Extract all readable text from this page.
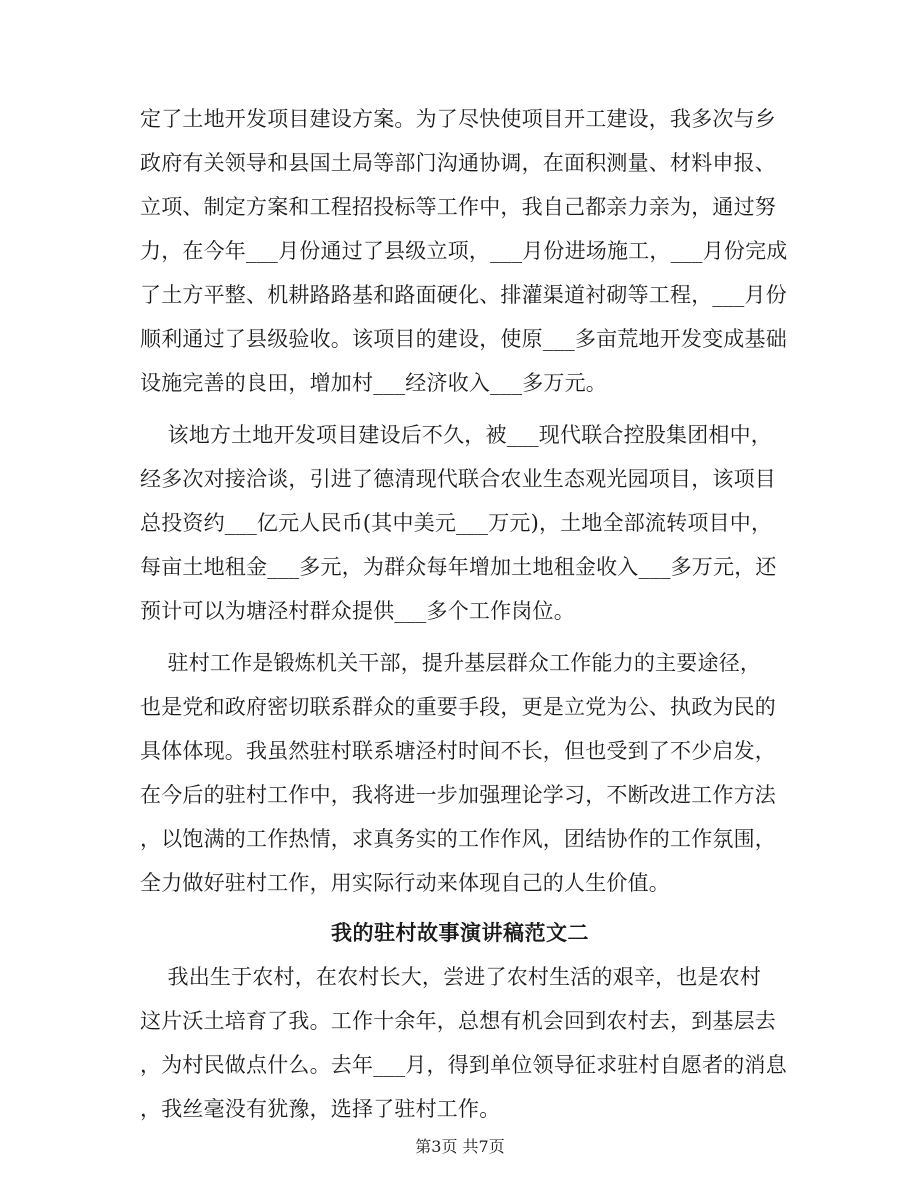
定了土地开发项目建设方案。为了尽快使项目开工建设，我多次与乡
政府有关领导和县国土局等部门沟通协调，在面积测量、材料申报、
立项、制定方案和工程招投标等工作中，我自己都亲力亲为，通过努
力，在今年___月份通过了县级立项，___月份进场施工，___月份完成
了土方平整、机耕路路基和路面硬化、排灌渠道衬砌等工程，___月份
顺利通过了县级验收。该项目的建设，使原___多亩荒地开发变成基础
设施完善的良田，增加村___经济收入___多万元。
该地方土地开发项目建设后不久，被___现代联合控股集团相中，
经多次对接洽谈，引进了德清现代联合农业生态观光园项目，该项目
总投资约___亿元人民币(其中美元___万元)，土地全部流转项目中，
每亩土地租金___多元，为群众每年增加土地租金收入___多万元，还
预计可以为塘泾村群众提供___多个工作岗位。
驻村工作是锻炼机关干部，提升基层群众工作能力的主要途径，
也是党和政府密切联系群众的重要手段，更是立党为公、执政为民的
具体体现。我虽然驻村联系塘泾村时间不长，但也受到了不少启发，
在今后的驻村工作中，我将进一步加强理论学习，不断改进工作方法
，以饱满的工作热情，求真务实的工作作风，团结协作的工作氛围，
全力做好驻村工作，用实际行动来体现自己的人生价值。
我的驻村故事演讲稿范文二
我出生于农村，在农村长大，尝进了农村生活的艰辛，也是农村
这片沃土培育了我。工作十余年，总想有机会回到农村去，到基层去
，为村民做点什么。去年___月，得到单位领导征求驻村自愿者的消息
，我丝毫没有犹豫，选择了驻村工作。
第3页 共7页
